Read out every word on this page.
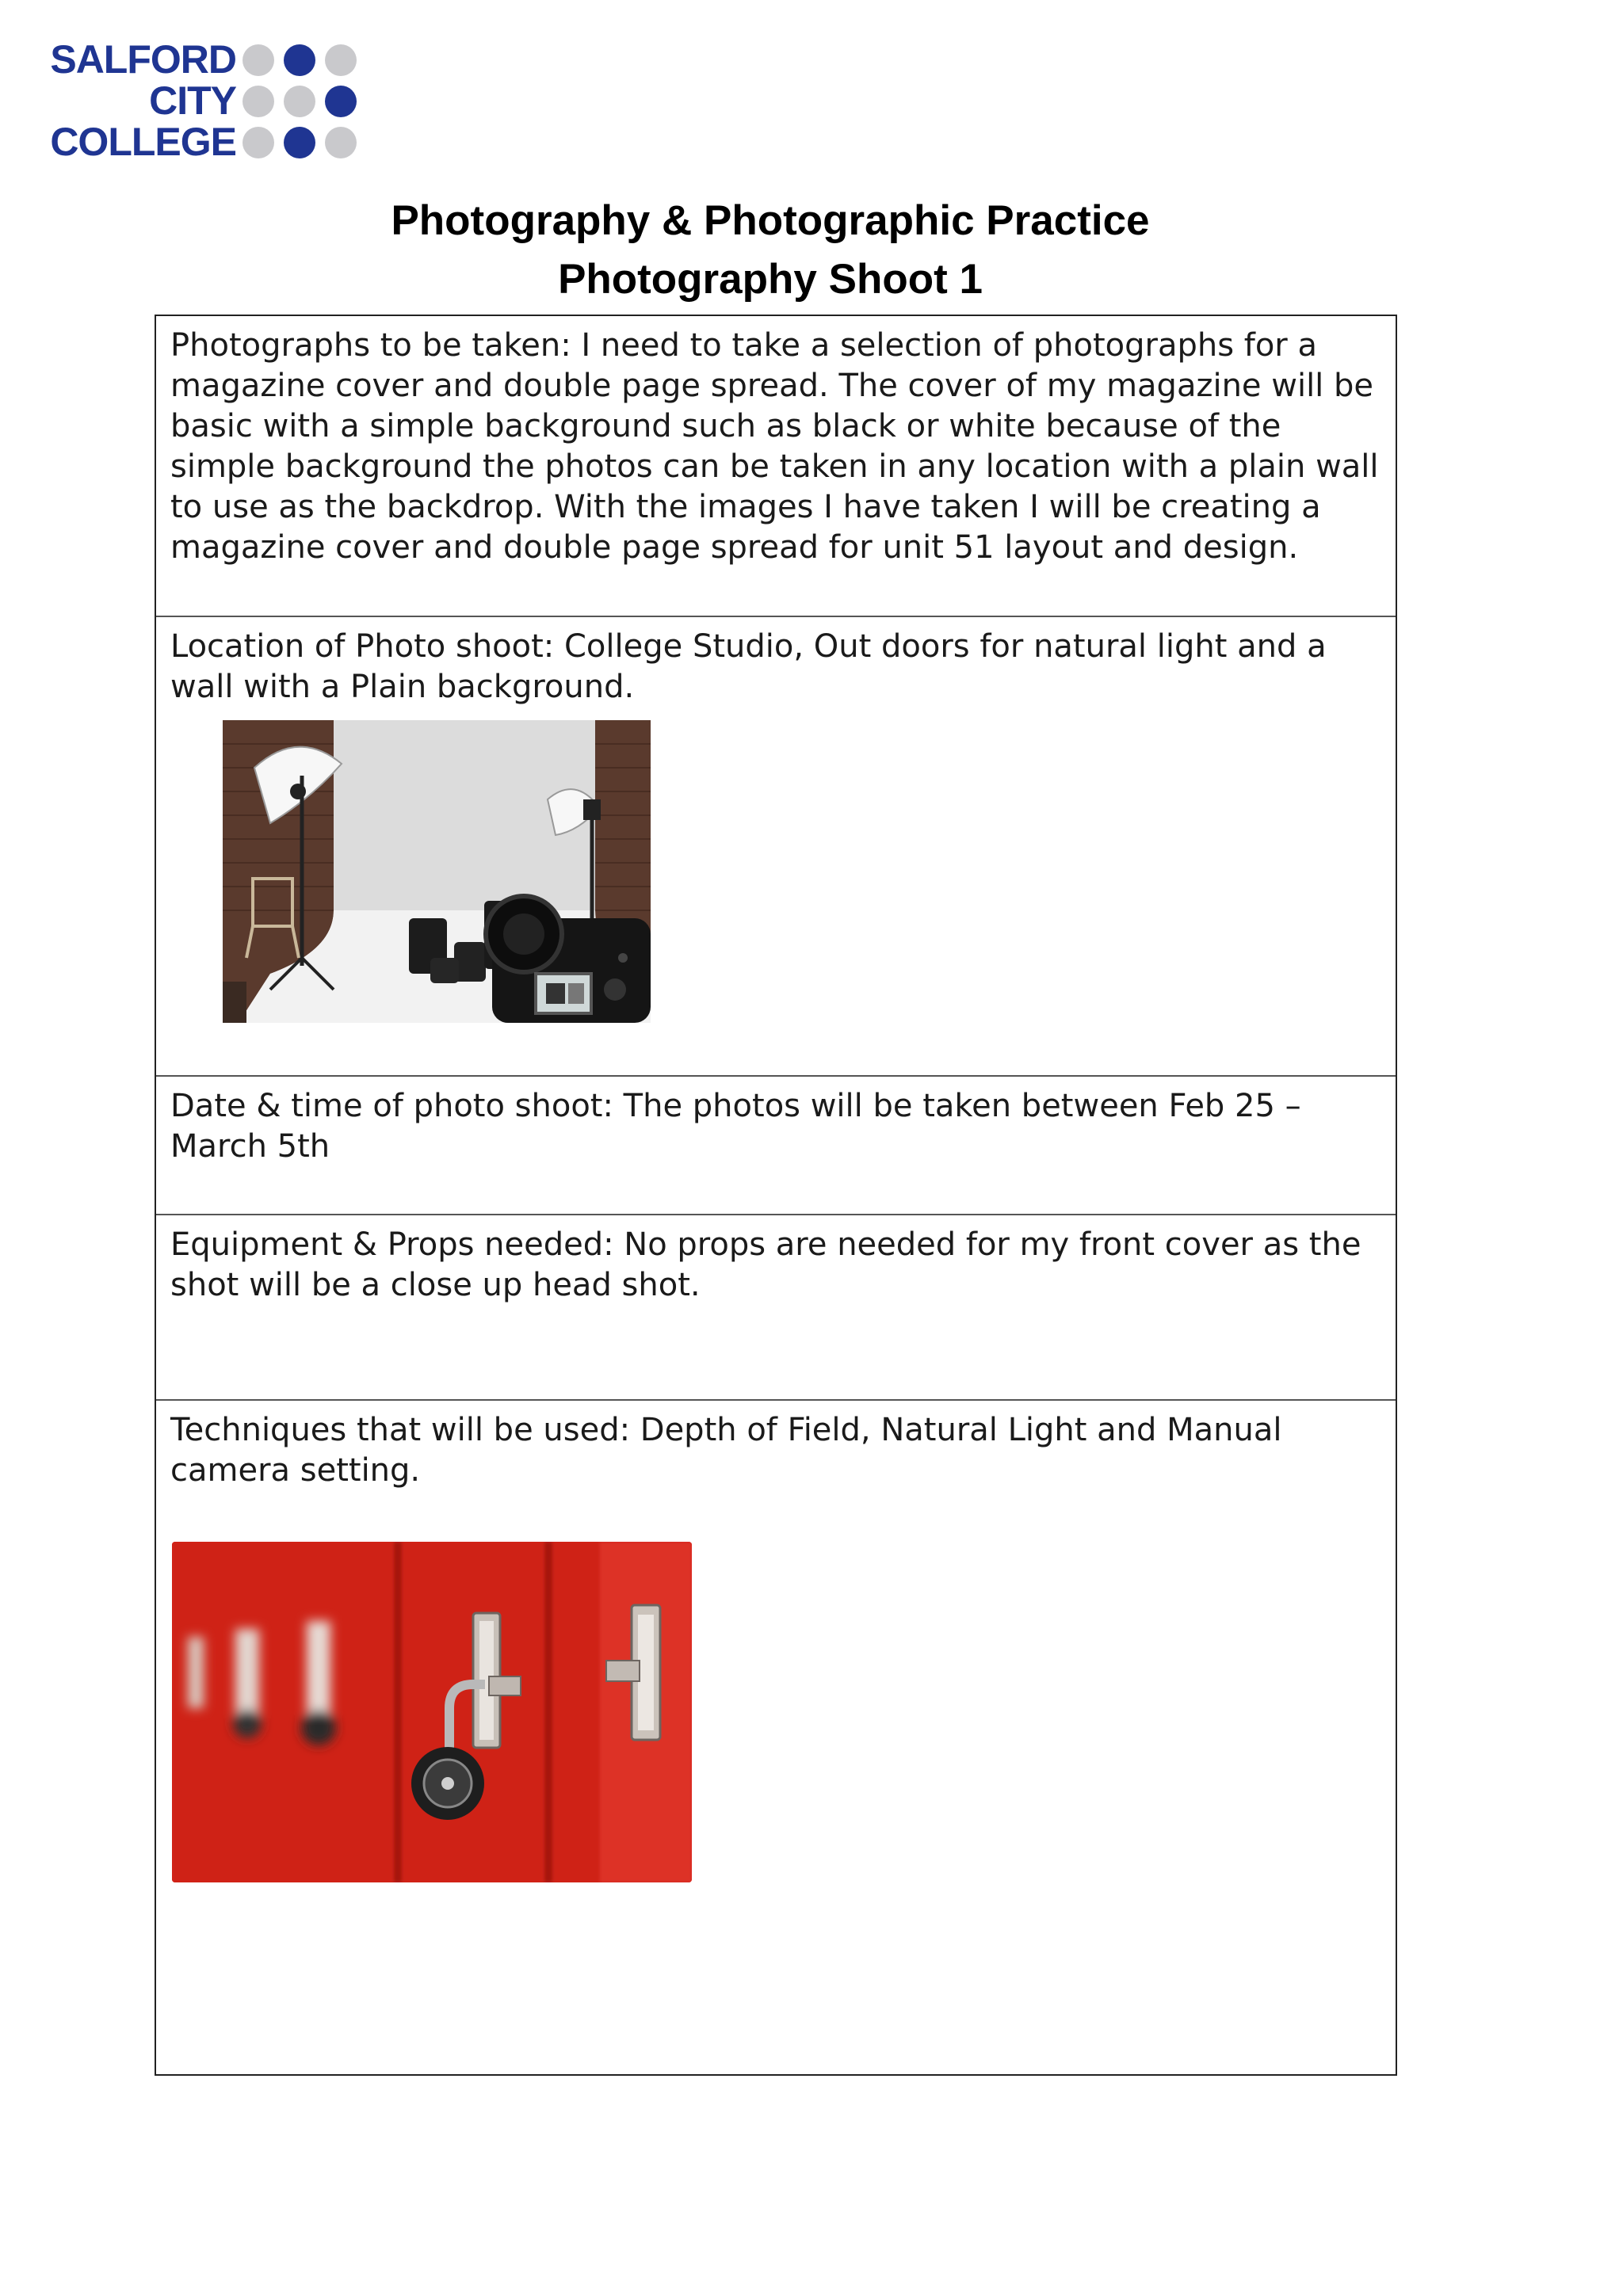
SALFORD
CITY
COLLEGE
Photography & Photographic Practice
Photography Shoot 1

Photographs to be taken: I need to take a selection of photographs for a magazine cover and double page spread. The cover of my magazine will be basic with a simple background such as black or white because of the simple background the photos can be taken in any location with a plain wall to use as the backdrop. With the images I have taken I will be creating a magazine cover and double page spread for unit 51 layout and design.

Location of Photo shoot: College Studio, Out doors for natural light and a wall with a Plain background.

Date & time of photo shoot: The photos will be taken between Feb 25 – March 5th

Equipment & Props needed: No props are needed for my front cover as the shot will be a close up head shot.

Techniques that will be used: Depth of Field, Natural Light and Manual camera setting.
